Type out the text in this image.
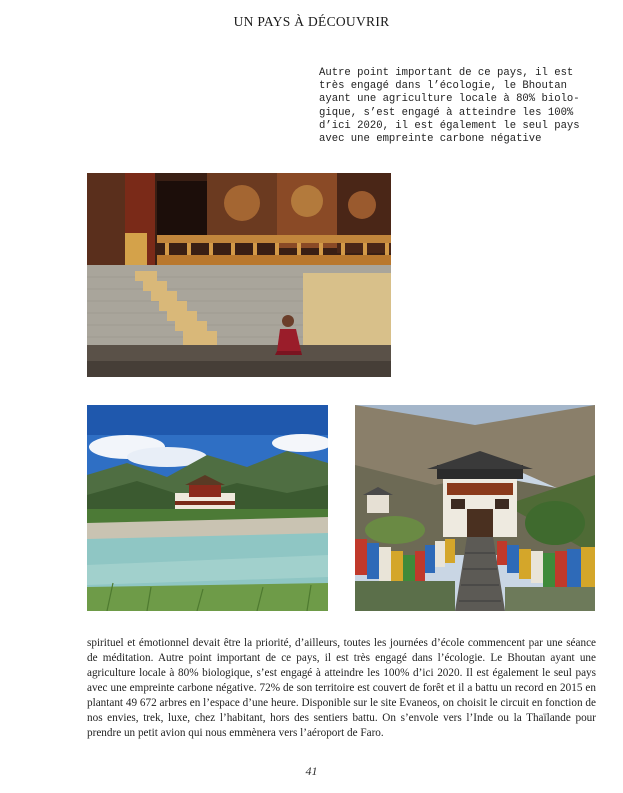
UN PAYS À DÉCOUVRIR
Autre point important de ce pays, il est très engagé dans l’écologie, le Bhoutan ayant une agriculture locale à 80% biolo-gique, s’est engagé à atteindre les 100% d’ici 2020, il est également le seul pays avec une empreinte carbone négative
spirituel et émotionnel devait être la priorité, d’ailleurs, toutes les journées d’école commencent par une séance de méditation. Autre point important de ce pays, il est très engagé dans l’écologie. Le Bhoutan ayant une agriculture locale à 80% biologique, s’est engagé à atteindre les 100% d’ici 2020. Il est également le seul pays avec une empreinte carbone négative. 72% de son territoire est couvert de forêt et il a battu un record en 2015 en plantant 49 672 arbres en l’espace d’une heure. Disponible sur le site Evaneos, on choisit le circuit en fonction de nos envies, trek, luxe, chez l’habitant, hors des sentiers battu. On s’envole vers l’Inde ou la Thaïlande pour prendre un petit avion qui nous emmènera vers l’aéroport de Faro.
41
